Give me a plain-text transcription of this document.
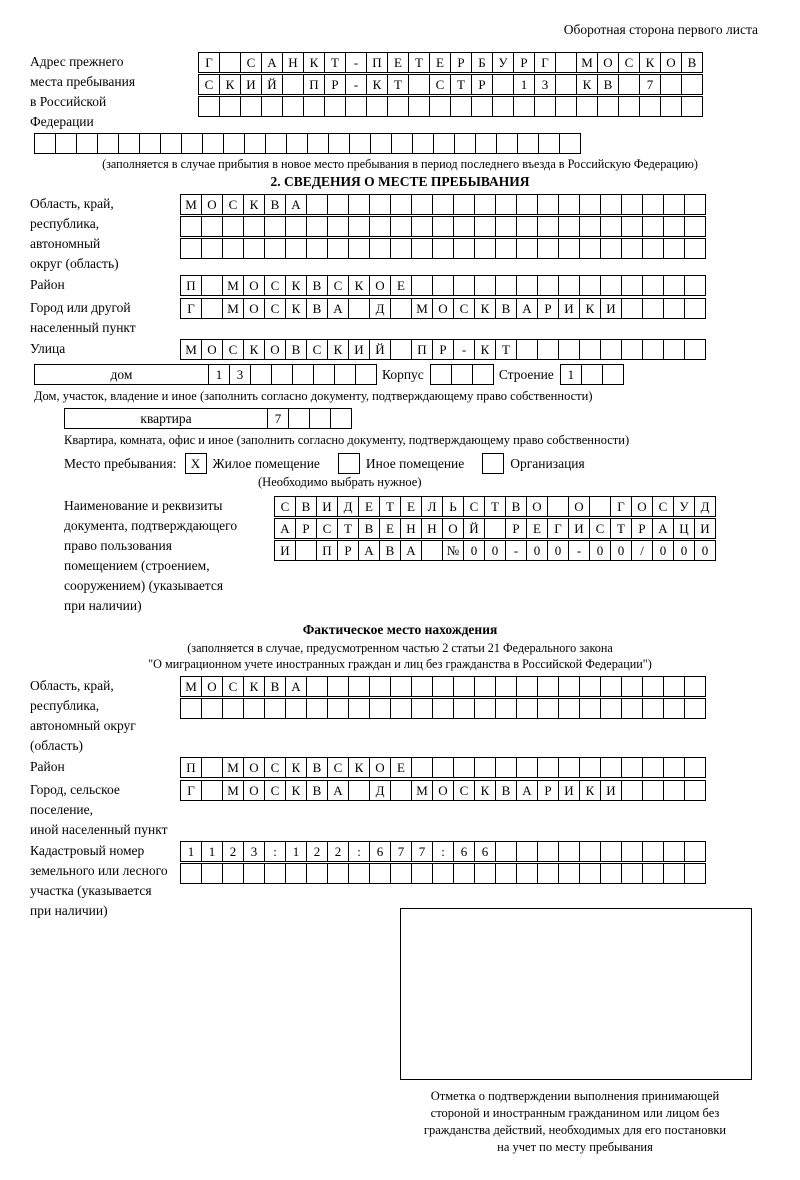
Оборотная сторона первого листа
Адрес прежнего
места пребывания
в Российской
Федерации
Г	С А Н К Т	-	П Е	Т	Е	Р	Б У Р	Г	М О С К О В
С К И Й	П Р	-	К Т	С Т	Р	1	3	К В	7
(заполняется в случае прибытия в новое место пребывания в период последнего въезда в Российскую Федерацию)
2. СВЕДЕНИЯ О МЕСТЕ ПРЕБЫВАНИЯ
Область, край,
республика,
автономный
округ (область)
М О С К В А
Район	П	М О С К В С К О Е
Город или другой
населенный пункт
Г	М О С К В А	Д	М О С К В А Р И К И
Улица	М О С К О В С К И Й	П Р	-	К Т
дом	1	3	Корпус	Строение	1
Дом, участок, владение и иное (заполнить согласно документу, подтверждающему право собственности)
квартира	7
Квартира, комната, офис и иное (заполнить согласно документу, подтверждающему право собственности)
Место пребывания:	X Жилое помещение	Иное помещение	Организация
(Необходимо выбрать нужное)
Наименование и реквизиты
документа, подтверждающего
право пользования
помещением (строением,
сооружением) (указывается
при наличии)
С В И Д Е	Т	Е Л Ь С Т В О	О	Г О С У Д
А Р	С Т В Е Н Н О Й	Р	Е	Г И С Т	Р А Ц И
И	П Р А В А	№ 0	0	-	0	0	-	0	0	/	0	0	0
Фактическое место нахождения
(заполняется в случае, предусмотренном частью 2 статьи 21 Федерального закона
"О миграционном учете иностранных граждан и лиц без гражданства в Российской Федерации")
Область, край,
республика,
автономный округ
(область)
М О С К В А
Район	П	М О С К В С К О Е
Город, сельское поселение,
иной населенный пункт
Г	М О С К В А	Д	М О С К В А Р И К И
Кадастровый номер
земельного или лесного
участка (указывается
при наличии)
1	1	2	3	:	1	2	2	:	6	7	7	:	6	6
Отметка о подтверждении выполнения принимающей
стороной и иностранным гражданином или лицом без
гражданства действий, необходимых для его постановки
на учет по месту пребывания
